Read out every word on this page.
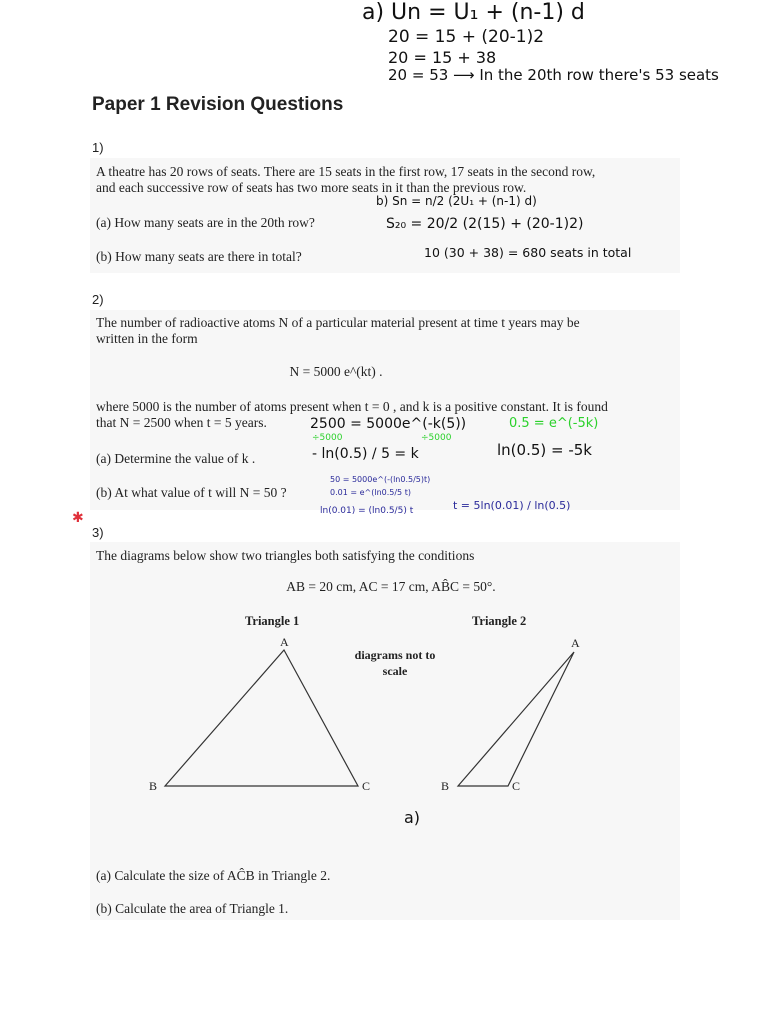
a) Un = U₁ + (n-1) d
20 = 15 + (20-1)2
20 = 15 + 38
20 = 53 ⟶ In the 20th row there's 53 seats
Paper 1 Revision Questions
1)
A theatre has 20 rows of seats. There are 15 seats in the first row, 17 seats in the second row,
and each successive row of seats has two more seats in it than the previous row.
(a) How many seats are in the 20th row?
(b) How many seats are there in total?
b) Sn = n/2 (2U₁ + (n-1) d)
S₂₀ = 20/2 (2(15) + (20-1)2)
10 (30 + 38) = 680 seats in total
2)
The number of radioactive atoms N of a particular material present at time t years may be
written in the form
N = 5000 e^(kt) .
where 5000 is the number of atoms present when t = 0 , and k is a positive constant. It is found
that N = 2500 when t = 5 years.
(a) Determine the value of k .
(b) At what value of t will N = 50 ?
2500 = 5000e^(-k(5))
÷5000	÷5000
0.5 = e^(-5k)
ln(0.5) = -5k
- ln(0.5) / 5 = k
50 = 5000e^(-(ln0.5/5)t)
0.01 = e^(ln0.5/5 t)
ln(0.01) = (ln0.5/5) t	t = 5ln(0.01) / ln(0.5)
✱
3)
The diagrams below show two triangles both satisfying the conditions
AB = 20 cm, AC = 17 cm, AB̂C = 50°.
Triangle 1	Triangle 2
diagrams not to scale
A
B	C
A
B	C
a)
(a) Calculate the size of AĈB in Triangle 2.
(b) Calculate the area of Triangle 1.
